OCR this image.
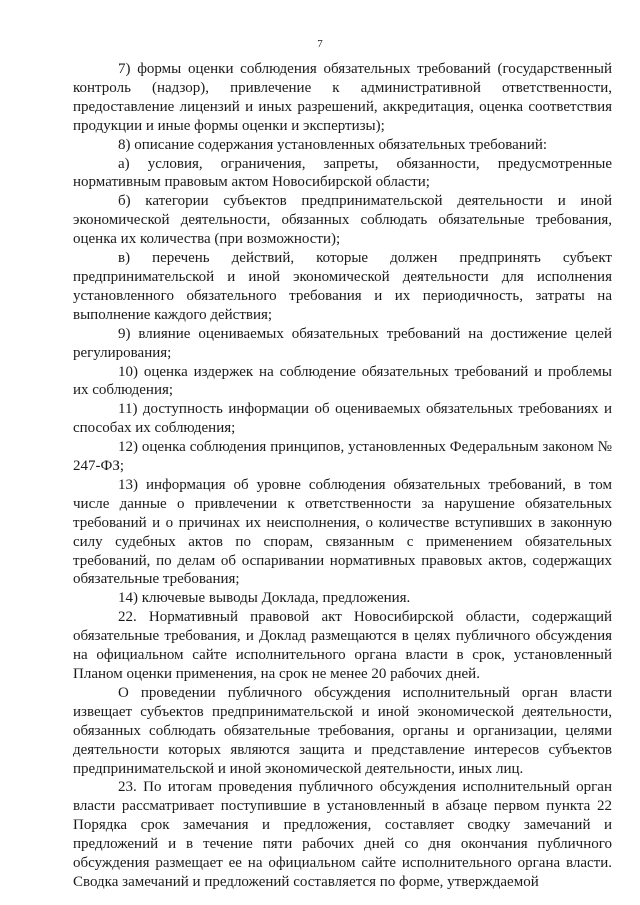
7

7) формы оценки соблюдения обязательных требований (государственный контроль (надзор), привлечение к административной ответственности, предоставление лицензий и иных разрешений, аккредитация, оценка соответствия продукции и иные формы оценки и экспертизы);

8) описание содержания установленных обязательных требований:

а) условия, ограничения, запреты, обязанности, предусмотренные нормативным правовым актом Новосибирской области;

б) категории субъектов предпринимательской деятельности и иной экономической деятельности, обязанных соблюдать обязательные требования, оценка их количества (при возможности);

в) перечень действий, которые должен предпринять субъект предпринимательской и иной экономической деятельности для исполнения установленного обязательного требования и их периодичность, затраты на выполнение каждого действия;

9) влияние оцениваемых обязательных требований на достижение целей регулирования;

10) оценка издержек на соблюдение обязательных требований и проблемы их соблюдения;

11) доступность информации об оцениваемых обязательных требованиях и способах их соблюдения;

12) оценка соблюдения принципов, установленных Федеральным законом № 247-ФЗ;

13) информация об уровне соблюдения обязательных требований, в том числе данные о привлечении к ответственности за нарушение обязательных требований и о причинах их неисполнения, о количестве вступивших в законную силу судебных актов по спорам, связанным с применением обязательных требований, по делам об оспаривании нормативных правовых актов, содержащих обязательные требования;

14) ключевые выводы Доклада, предложения.

22. Нормативный правовой акт Новосибирской области, содержащий обязательные требования, и Доклад размещаются в целях публичного обсуждения на официальном сайте исполнительного органа власти в срок, установленный Планом оценки применения, на срок не менее 20 рабочих дней.

О проведении публичного обсуждения исполнительный орган власти извещает субъектов предпринимательской и иной экономической деятельности, обязанных соблюдать обязательные требования, органы и организации, целями деятельности которых являются защита и представление интересов субъектов предпринимательской и иной экономической деятельности, иных лиц.

23. По итогам проведения публичного обсуждения исполнительный орган власти рассматривает поступившие в установленный в абзаце первом пункта 22 Порядка срок замечания и предложения, составляет сводку замечаний и предложений и в течение пяти рабочих дней со дня окончания публичного обсуждения размещает ее на официальном сайте исполнительного органа власти. Сводка замечаний и предложений составляется по форме, утверждаемой
